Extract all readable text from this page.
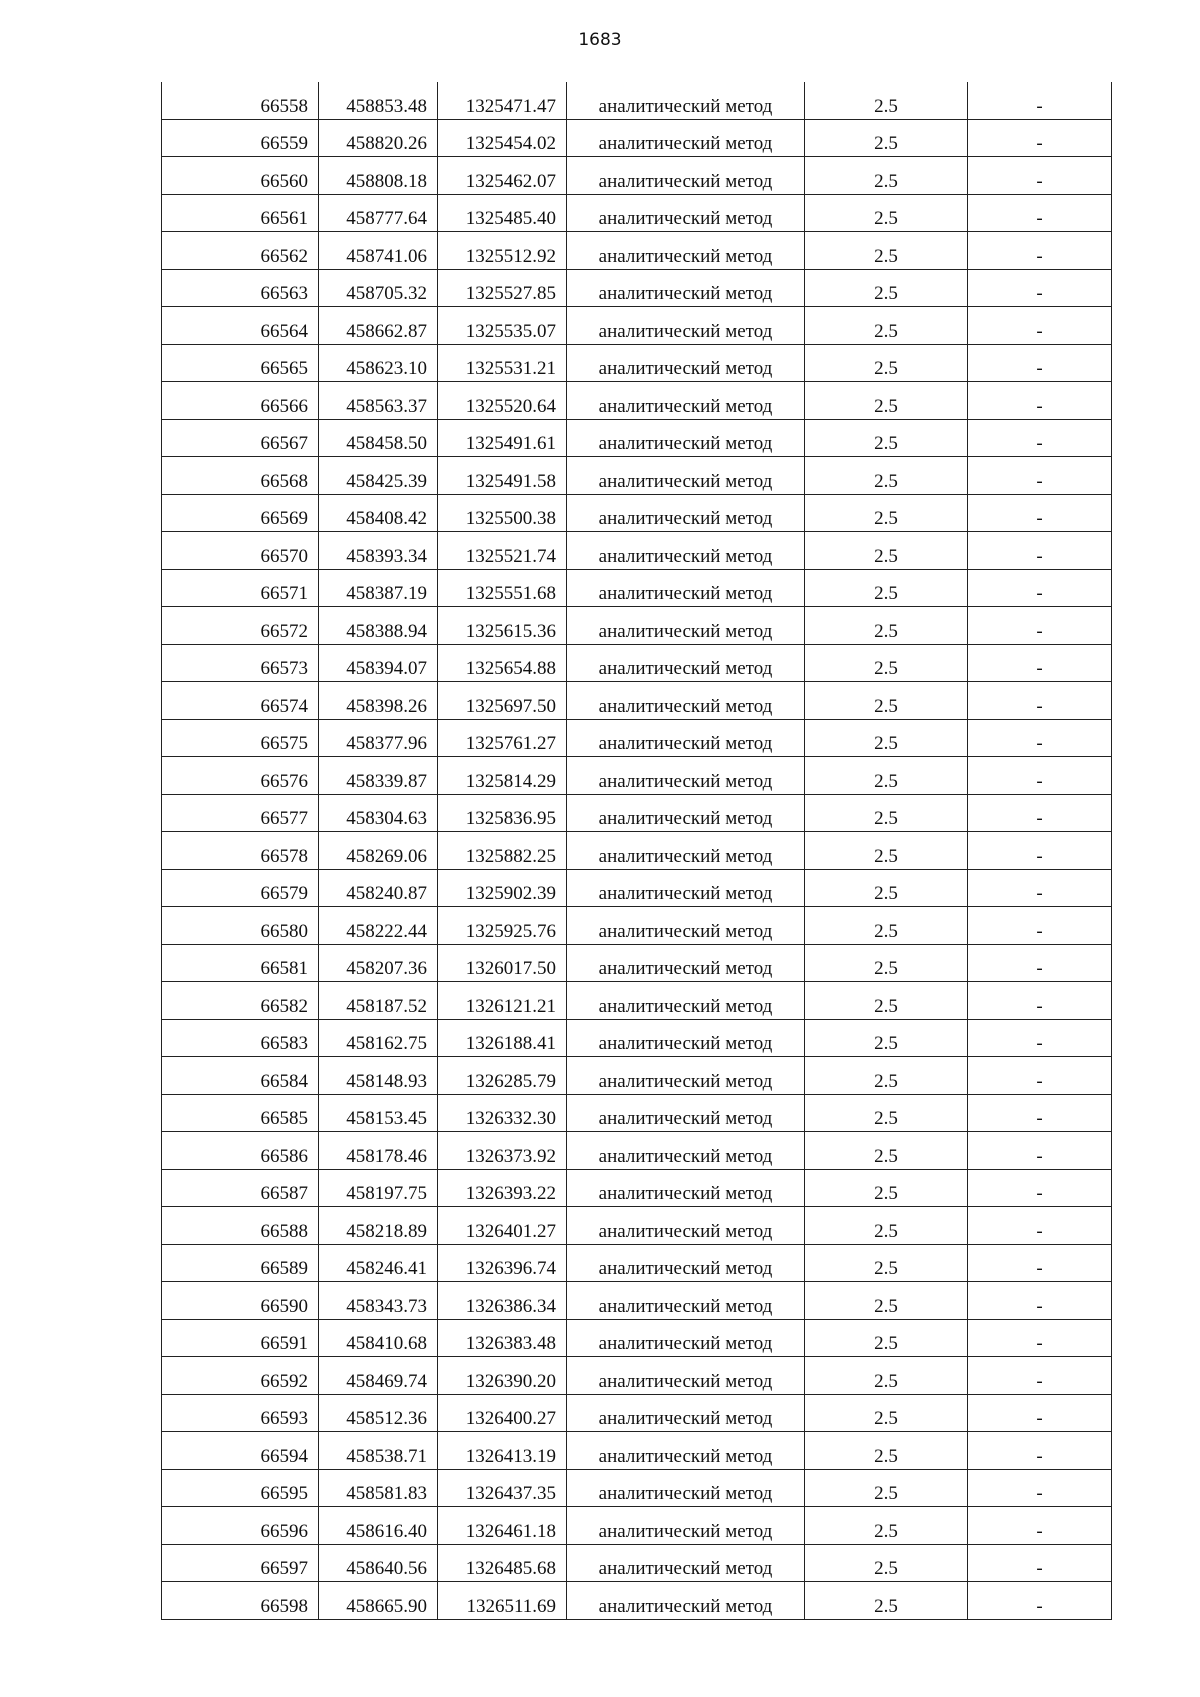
1683
66558	458853.48	1325471.47	аналитический метод	2.5	-
66559	458820.26	1325454.02	аналитический метод	2.5	-
66560	458808.18	1325462.07	аналитический метод	2.5	-
66561	458777.64	1325485.40	аналитический метод	2.5	-
66562	458741.06	1325512.92	аналитический метод	2.5	-
66563	458705.32	1325527.85	аналитический метод	2.5	-
66564	458662.87	1325535.07	аналитический метод	2.5	-
66565	458623.10	1325531.21	аналитический метод	2.5	-
66566	458563.37	1325520.64	аналитический метод	2.5	-
66567	458458.50	1325491.61	аналитический метод	2.5	-
66568	458425.39	1325491.58	аналитический метод	2.5	-
66569	458408.42	1325500.38	аналитический метод	2.5	-
66570	458393.34	1325521.74	аналитический метод	2.5	-
66571	458387.19	1325551.68	аналитический метод	2.5	-
66572	458388.94	1325615.36	аналитический метод	2.5	-
66573	458394.07	1325654.88	аналитический метод	2.5	-
66574	458398.26	1325697.50	аналитический метод	2.5	-
66575	458377.96	1325761.27	аналитический метод	2.5	-
66576	458339.87	1325814.29	аналитический метод	2.5	-
66577	458304.63	1325836.95	аналитический метод	2.5	-
66578	458269.06	1325882.25	аналитический метод	2.5	-
66579	458240.87	1325902.39	аналитический метод	2.5	-
66580	458222.44	1325925.76	аналитический метод	2.5	-
66581	458207.36	1326017.50	аналитический метод	2.5	-
66582	458187.52	1326121.21	аналитический метод	2.5	-
66583	458162.75	1326188.41	аналитический метод	2.5	-
66584	458148.93	1326285.79	аналитический метод	2.5	-
66585	458153.45	1326332.30	аналитический метод	2.5	-
66586	458178.46	1326373.92	аналитический метод	2.5	-
66587	458197.75	1326393.22	аналитический метод	2.5	-
66588	458218.89	1326401.27	аналитический метод	2.5	-
66589	458246.41	1326396.74	аналитический метод	2.5	-
66590	458343.73	1326386.34	аналитический метод	2.5	-
66591	458410.68	1326383.48	аналитический метод	2.5	-
66592	458469.74	1326390.20	аналитический метод	2.5	-
66593	458512.36	1326400.27	аналитический метод	2.5	-
66594	458538.71	1326413.19	аналитический метод	2.5	-
66595	458581.83	1326437.35	аналитический метод	2.5	-
66596	458616.40	1326461.18	аналитический метод	2.5	-
66597	458640.56	1326485.68	аналитический метод	2.5	-
66598	458665.90	1326511.69	аналитический метод	2.5	-
